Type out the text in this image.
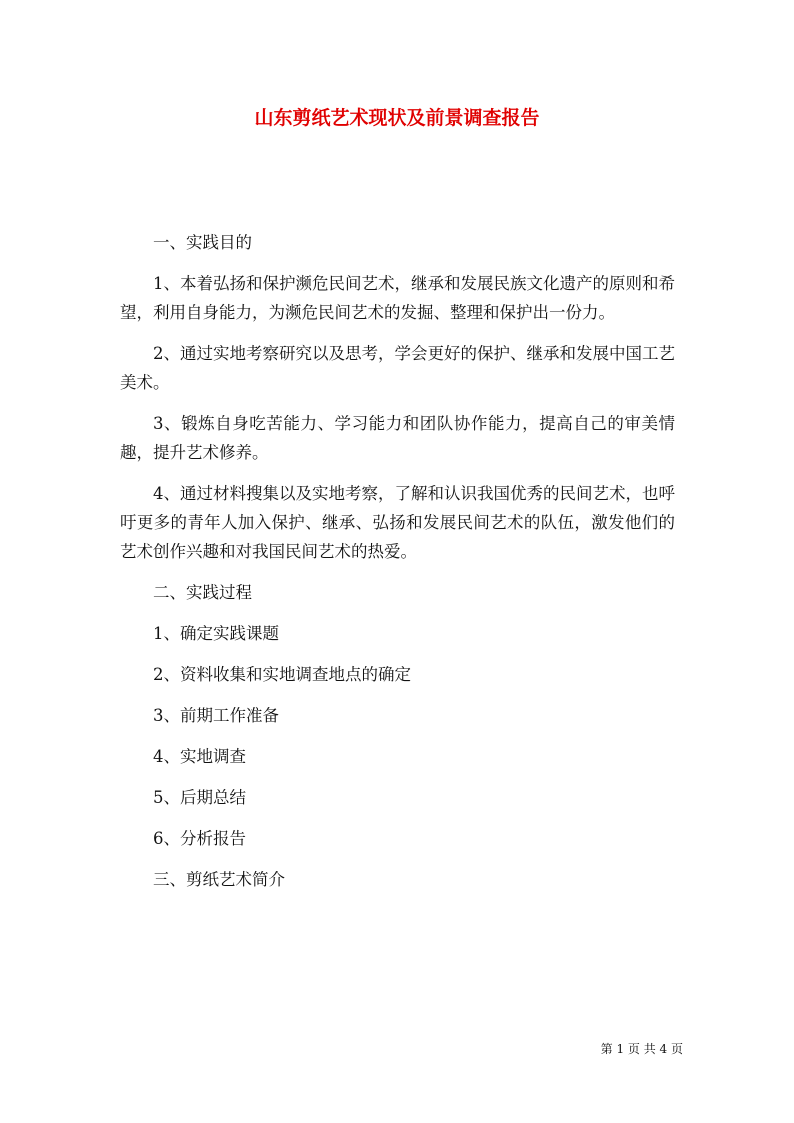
山东剪纸艺术现状及前景调查报告

一、实践目的

1、本着弘扬和保护濒危民间艺术，继承和发展民族文化遗产的原则和希望，利用自身能力，为濒危民间艺术的发掘、整理和保护出一份力。

2、通过实地考察研究以及思考，学会更好的保护、继承和发展中国工艺美术。

3、锻炼自身吃苦能力、学习能力和团队协作能力，提高自己的审美情趣，提升艺术修养。

4、通过材料搜集以及实地考察，了解和认识我国优秀的民间艺术，也呼吁更多的青年人加入保护、继承、弘扬和发展民间艺术的队伍，激发他们的艺术创作兴趣和对我国民间艺术的热爱。

二、实践过程

1、确定实践课题

2、资料收集和实地调查地点的确定

3、前期工作准备

4、实地调查

5、后期总结

6、分析报告

三、剪纸艺术简介

第 1 页 共 4 页
